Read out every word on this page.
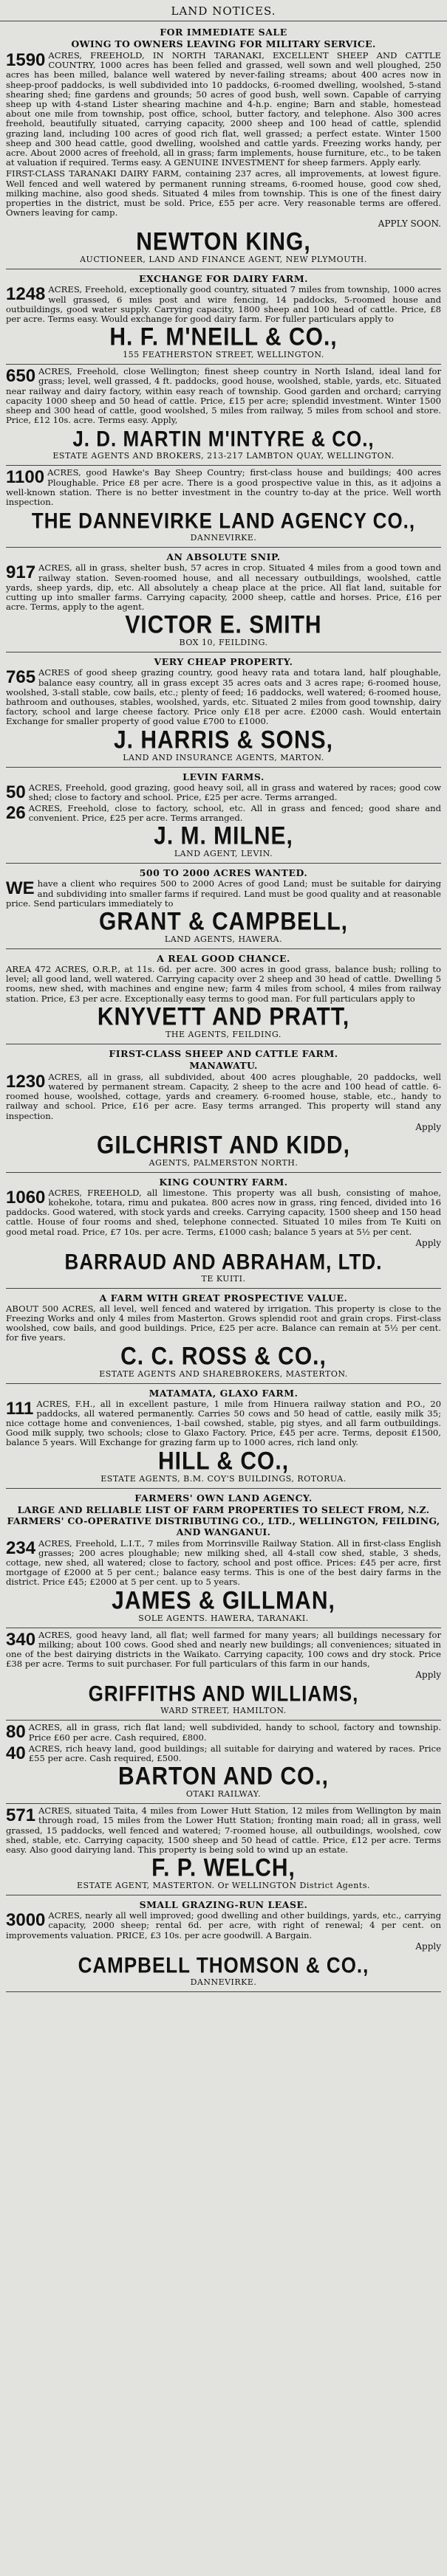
LAND NOTICES.
FOR IMMEDIATE SALE
OWING TO OWNERS LEAVING FOR MILITARY SERVICE.

1590 ACRES, FREEHOLD, IN NORTH TARANAKI, EXCELLENT SHEEP AND CATTLE COUNTRY, 1000 acres has been felled and grassed, well sown and well ploughed, 250 acres has been milled, balance well watered by never-failing streams; about 400 acres now in sheep-proof paddocks, is well subdivided into 10 paddocks, 6-roomed dwelling, woolshed, 5-stand shearing shed; fine gardens and grounds; 50 acres of good bush, well sown. Capable of carrying sheep up with 4-stand Lister shearing machine and 4-h.p. engine; Barn and stable, homestead about one mile from township, post office, school, butter factory, and telephone. Also 300 acres freehold, beautifully situated, carrying capacity, 2000 sheep and 100 head of cattle, splendid grazing land, including 100 acres of good rich flat, well grassed; a perfect estate. Winter 1500 sheep and 300 head cattle, good dwelling, woolshed and cattle yards. Freezing works handy, per acre. About 2000 acres of freehold, all in grass; farm implements, house furniture, etc., to be taken at valuation if required. Terms easy. A GENUINE INVESTMENT for sheep farmers. Apply early.

FIRST-CLASS TARANAKI DAIRY FARM, containing 237 acres, all improvements, at lowest figure. Well fenced and well watered by permanent running streams, 6-roomed house, good cow shed, milking machine, also good sheds. Situated 4 miles from township. This is one of the finest dairy properties in the district, must be sold. Price, £55 per acre. Very reasonable terms are offered. Owners leaving for camp.

APPLY SOON.
NEWTON KING,
AUCTIONEER, LAND AND FINANCE AGENT, NEW PLYMOUTH.
EXCHANGE FOR DAIRY FARM.

1248 ACRES, Freehold, exceptionally good country, situated 7 miles from township, 1000 acres well grassed, 6 miles post and wire fencing, 14 paddocks, 5-roomed house and outbuildings, good water supply. Carrying capacity, 1800 sheep and 100 head of cattle. Price, £8 per acre. Terms easy. Would exchange for good dairy farm. For fuller particulars apply to

H. F. M'NEILL & CO.,
155 FEATHERSTON STREET, WELLINGTON.

650 ACRES, Freehold, close Wellington; finest sheep country in North Island, ideal land for grass; level, well grassed, 4 ft. paddocks, good house, woolshed, stable, yards, etc. Situated near railway and dairy factory, within easy reach of township. Good garden and orchard; carrying capacity 1000 sheep and 50 head of cattle. Price, £15 per acre; splendid investment. Winter 1500 sheep and 300 head of cattle, good woolshed, 5 miles from railway, 5 miles from school and store. Price, £12 10s. acre. Terms easy. Apply,

J. D. MARTIN M'INTYRE & CO.,
ESTATE AGENTS AND BROKERS, 213-217 LAMBTON QUAY, WELLINGTON.

1100 ACRES, good Hawke's Bay Sheep Country; first-class house and buildings; 400 acres Ploughable. Price £8 per acre. There is a good prospective value in this, as it adjoins a well-known station. There is no better investment in the country to-day at the price. Well worth inspection.

THE DANNEVIRKE LAND AGENCY CO.,
DANNEVIRKE.
AN ABSOLUTE SNIP.

917 ACRES, all in grass, shelter bush, 57 acres in crop. Situated 4 miles from a good town and railway station. Seven-roomed house, and all necessary outbuildings, woolshed, cattle yards, sheep yards, dip, etc. All absolutely a cheap place at the price. All flat land, suitable for cutting up into smaller farms. Carrying capacity, 2000 sheep, cattle and horses. Price, £16 per acre. Terms, apply to the agent.

VICTOR E. SMITH
BOX 10, FEILDING.
VERY CHEAP PROPERTY.

765 ACRES of good sheep grazing country, good heavy rata and totara land, half ploughable, balance easy country, all in grass except 35 acres oats and 3 acres rape; 6-roomed house, woolshed, 3-stall stable, cow bails, etc.; plenty of feed; 16 paddocks, well watered; 6-roomed house, bathroom and outhouses, stables, woolshed, yards, etc. Situated 2 miles from good township, dairy factory, school and large cheese factory. Price only £18 per acre. £2000 cash. Would entertain Exchange for smaller property of good value £700 to £1000.

J. HARRIS & SONS,
LAND AND INSURANCE AGENTS, MARTON.
LEVIN FARMS.

50 ACRES, Freehold, good grazing, good heavy soil, all in grass and watered by races; good cow shed; close to factory and school. Price, £25 per acre. Terms arranged.

26 ACRES, Freehold, close to factory, school, etc. All in grass and fenced; good share and convenient. Price, £25 per acre. Terms arranged.

J. M. MILNE,
LAND AGENT, LEVIN.
500 TO 2000 ACRES WANTED.

WE have a client who requires 500 to 2000 Acres of good Land; must be suitable for dairying and subdividing into smaller farms if required. Land must be good quality and at reasonable price. Send particulars immediately to

GRANT & CAMPBELL,
LAND AGENTS, HAWERA.
A REAL GOOD CHANCE.

AREA 472 ACRES, O.R.P., at 11s. 6d. per acre. 300 acres in good grass, balance bush; rolling to level; all good land, well watered. Carrying capacity over 2 sheep and 30 head of cattle. Dwelling 5 rooms, new shed, with machines and engine new; farm 4 miles from school, 4 miles from railway station. Price, £3 per acre. Exceptionally easy terms to good man. For full particulars apply to

KNYVETT AND PRATT,
THE AGENTS, FEILDING.
FIRST-CLASS SHEEP AND CATTLE FARM.
MANAWATU.

1230 ACRES, all in grass, all subdivided, about 400 acres ploughable, 20 paddocks, well watered by permanent stream. Capacity, 2 sheep to the acre and 100 head of cattle. 6-roomed house, woolshed, cottage, yards and creamery. 6-roomed house, stable, etc., handy to railway and school. Price, £16 per acre. Easy terms arranged. This property will stand any inspection.

Apply
GILCHRIST AND KIDD,
AGENTS, PALMERSTON NORTH.
KING COUNTRY FARM.

1060 ACRES, FREEHOLD, all limestone. This property was all bush, consisting of mahoe, kohekohe, totara, rimu and pukatea. 800 acres now in grass, ring fenced, divided into 16 paddocks. Good watered, with stock yards and creeks. Carrying capacity, 1500 sheep and 150 head cattle. House of four rooms and shed, telephone connected. Situated 10 miles from Te Kuiti on good metal road. Price, £7 10s. per acre. Terms, £1000 cash; balance 5 years at 5½ per cent.

Apply
BARRAUD AND ABRAHAM, LTD.
TE KUITI.
A FARM WITH GREAT PROSPECTIVE VALUE.

ABOUT 500 ACRES, all level, well fenced and watered by irrigation. This property is close to the Freezing Works and only 4 miles from Masterton. Grows splendid root and grain crops. First-class woolshed, cow bails, and good buildings. Price, £25 per acre. Balance can remain at 5½ per cent. for five years.

C. C. ROSS & CO.,
ESTATE AGENTS AND SHAREBROKERS, MASTERTON.
MATAMATA, GLAXO FARM.

111 ACRES, F.H., all in excellent pasture, 1 mile from Hinuera railway station and P.O., 20 paddocks, all watered permanently. Carries 50 cows and 50 head of cattle, easily milk 35; nice cottage home and conveniences, 1-bail cowshed, stable, pig styes, and all farm outbuildings. Good milk supply, two schools; close to Glaxo Factory. Price, £45 per acre. Terms, deposit £1500, balance 5 years. Will Exchange for grazing farm up to 1000 acres, rich land only.

HILL & CO.,
ESTATE AGENTS, B.M. COY'S BUILDINGS, ROTORUA.
FARMERS' OWN LAND AGENCY.
LARGE AND RELIABLE LIST OF FARM PROPERTIES TO SELECT FROM, N.Z. FARMERS' CO-OPERATIVE DISTRIBUTING CO., LTD., WELLINGTON, FEILDING, AND WANGANUI.

234 ACRES, Freehold, L.I.T., 7 miles from Morrinsville Railway Station. All in first-class English grasses; 200 acres ploughable; new milking shed, all 4-stall cow shed, stable, 3 sheds, cottage, new shed, all watered; close to factory, school and post office. Prices: £45 per acre, first mortgage of £2000 at 5 per cent.; balance easy terms. This is one of the best dairy farms in the district. Price £45; £2000 at 5 per cent. up to 5 years.

JAMES & GILLMAN,
SOLE AGENTS. HAWERA, TARANAKI.

340 ACRES, good heavy land, all flat; well farmed for many years; all buildings necessary for milking; about 100 cows. Good shed and nearly new buildings; all conveniences; situated in one of the best dairying districts in the Waikato. Carrying capacity, 100 cows and dry stock. Price £38 per acre. Terms to suit purchaser. For full particulars of this farm in our hands,

Apply
GRIFFITHS AND WILLIAMS,
WARD STREET, HAMILTON.

80 ACRES, all in grass, rich flat land; well subdivided, handy to school, factory and township. Price £60 per acre. Cash required, £800.

40 ACRES, rich heavy land, good buildings; all suitable for dairying and watered by races. Price £55 per acre. Cash required, £500.

BARTON AND CO.,
OTAKI RAILWAY.

571 ACRES, situated Taita, 4 miles from Lower Hutt Station, 12 miles from Wellington by main through road, 15 miles from the Lower Hutt Station; fronting main road; all in grass, well grassed, 15 paddocks, well fenced and watered; 7-roomed house, all outbuildings, woolshed, cow shed, stable, etc. Carrying capacity, 1500 sheep and 50 head of cattle. Price, £12 per acre. Terms easy. Also good dairying land. This property is being sold to wind up an estate.

F. P. WELCH,
ESTATE AGENT, MASTERTON. Or WELLINGTON District Agents.
SMALL GRAZING-RUN LEASE.

3000 ACRES, nearly all well improved; good dwelling and other buildings, yards, etc., carrying capacity, 2000 sheep; rental 6d. per acre, with right of renewal; 4 per cent. on improvements valuation. PRICE, £3 10s. per acre goodwill. A Bargain.

Apply
CAMPBELL THOMSON & CO.,
DANNEVIRKE.
